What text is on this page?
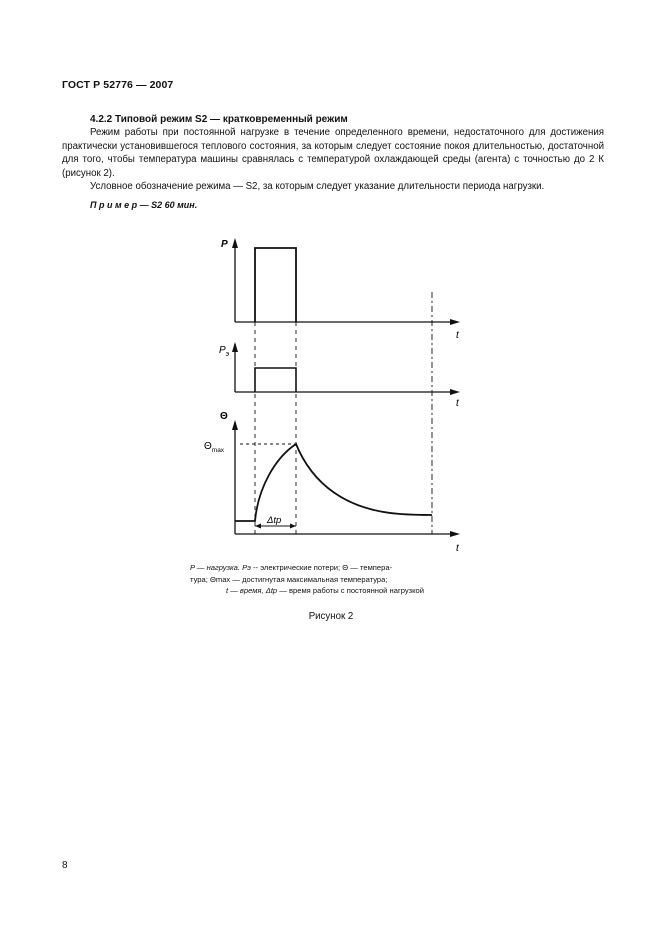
ГОСТ Р 52776 — 2007
4.2.2 Типовой режим S2 — кратковременный режим
Режим работы при постоянной нагрузке в течение определенного времени, недостаточного для достижения практически установившегося теплового состояния, за которым следует состояние покоя длительностью, достаточной для того, чтобы температура машины сравнялась с температурой охлаждающей среды (агента) с точностью до 2 К (рисунок 2).
Условное обозначение режима — S2, за которым следует указание длительности периода нагрузки.
П р и м е р — S2 60 мин.
P
t
$P_э$
t
Δtр
Θ
$\Theta_{max}$
t
P — нагрузка. Pэ -- электрические потери; Θ — темпера-
тура; Θmax — достигнутая максимальная температура;
t — время, Δtр — время работы с постоянной нагрузкой
Рисунок 2
8
